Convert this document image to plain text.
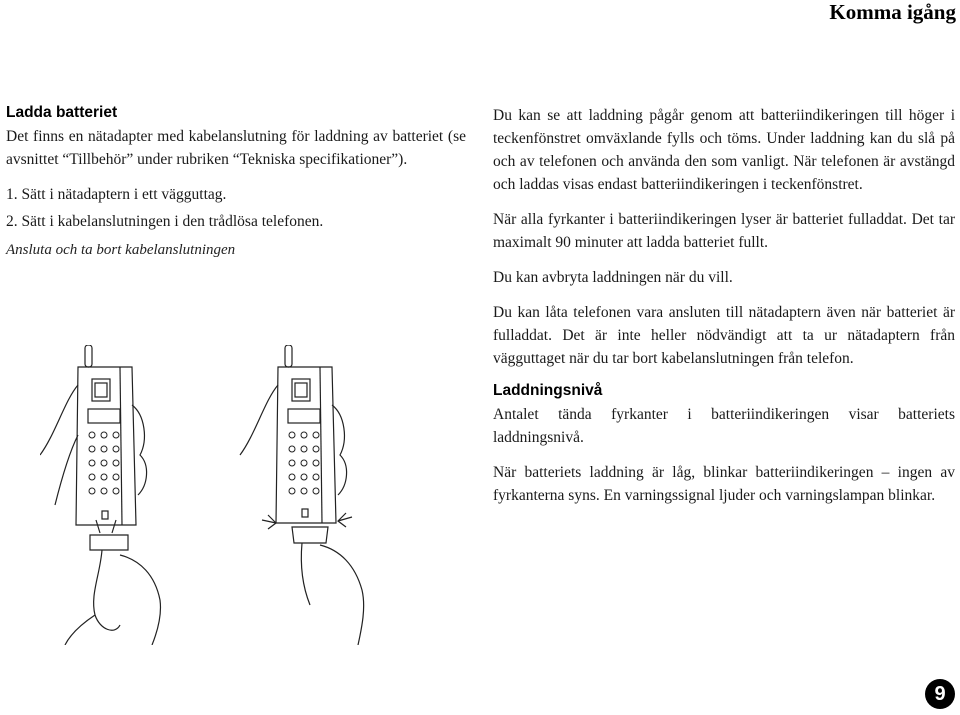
Komma igång
Ladda batteriet

Det finns en nätadapter med kabelanslutning för laddning av batteriet (se avsnittet “Tillbehör” under rubriken “Tekniska specifikationer”).

1. Sätt i nätadaptern i ett vägguttag.

2. Sätt i kabelanslutningen i den trådlösa telefonen.

Ansluta och ta bort kabelanslutningen

Du kan se att laddning pågår genom att batteriindikeringen till höger i teckenfönstret omväxlande fylls och töms. Under laddning kan du slå på och av telefonen och använda den som vanligt. När telefonen är avstängd och laddas visas endast batteriindikeringen i teckenfönstret.

När alla fyrkanter i batteriindikeringen lyser är batteriet fulladdat. Det tar maximalt 90 minuter att ladda batteriet fullt.

Du kan avbryta laddningen när du vill.

Du kan låta telefonen vara ansluten till nätadaptern även när batteriet är fulladdat. Det är inte heller nödvändigt att ta ur nätadaptern från vägguttaget när du tar bort kabelanslutningen från telefon.

Laddningsnivå

Antalet tända fyrkanter i batteriindikeringen visar batteriets laddningsnivå.

När batteriets laddning är låg, blinkar batteriindikeringen – ingen av fyrkanterna syns. En varningssignal ljuder och varningslampan blinkar.

9
